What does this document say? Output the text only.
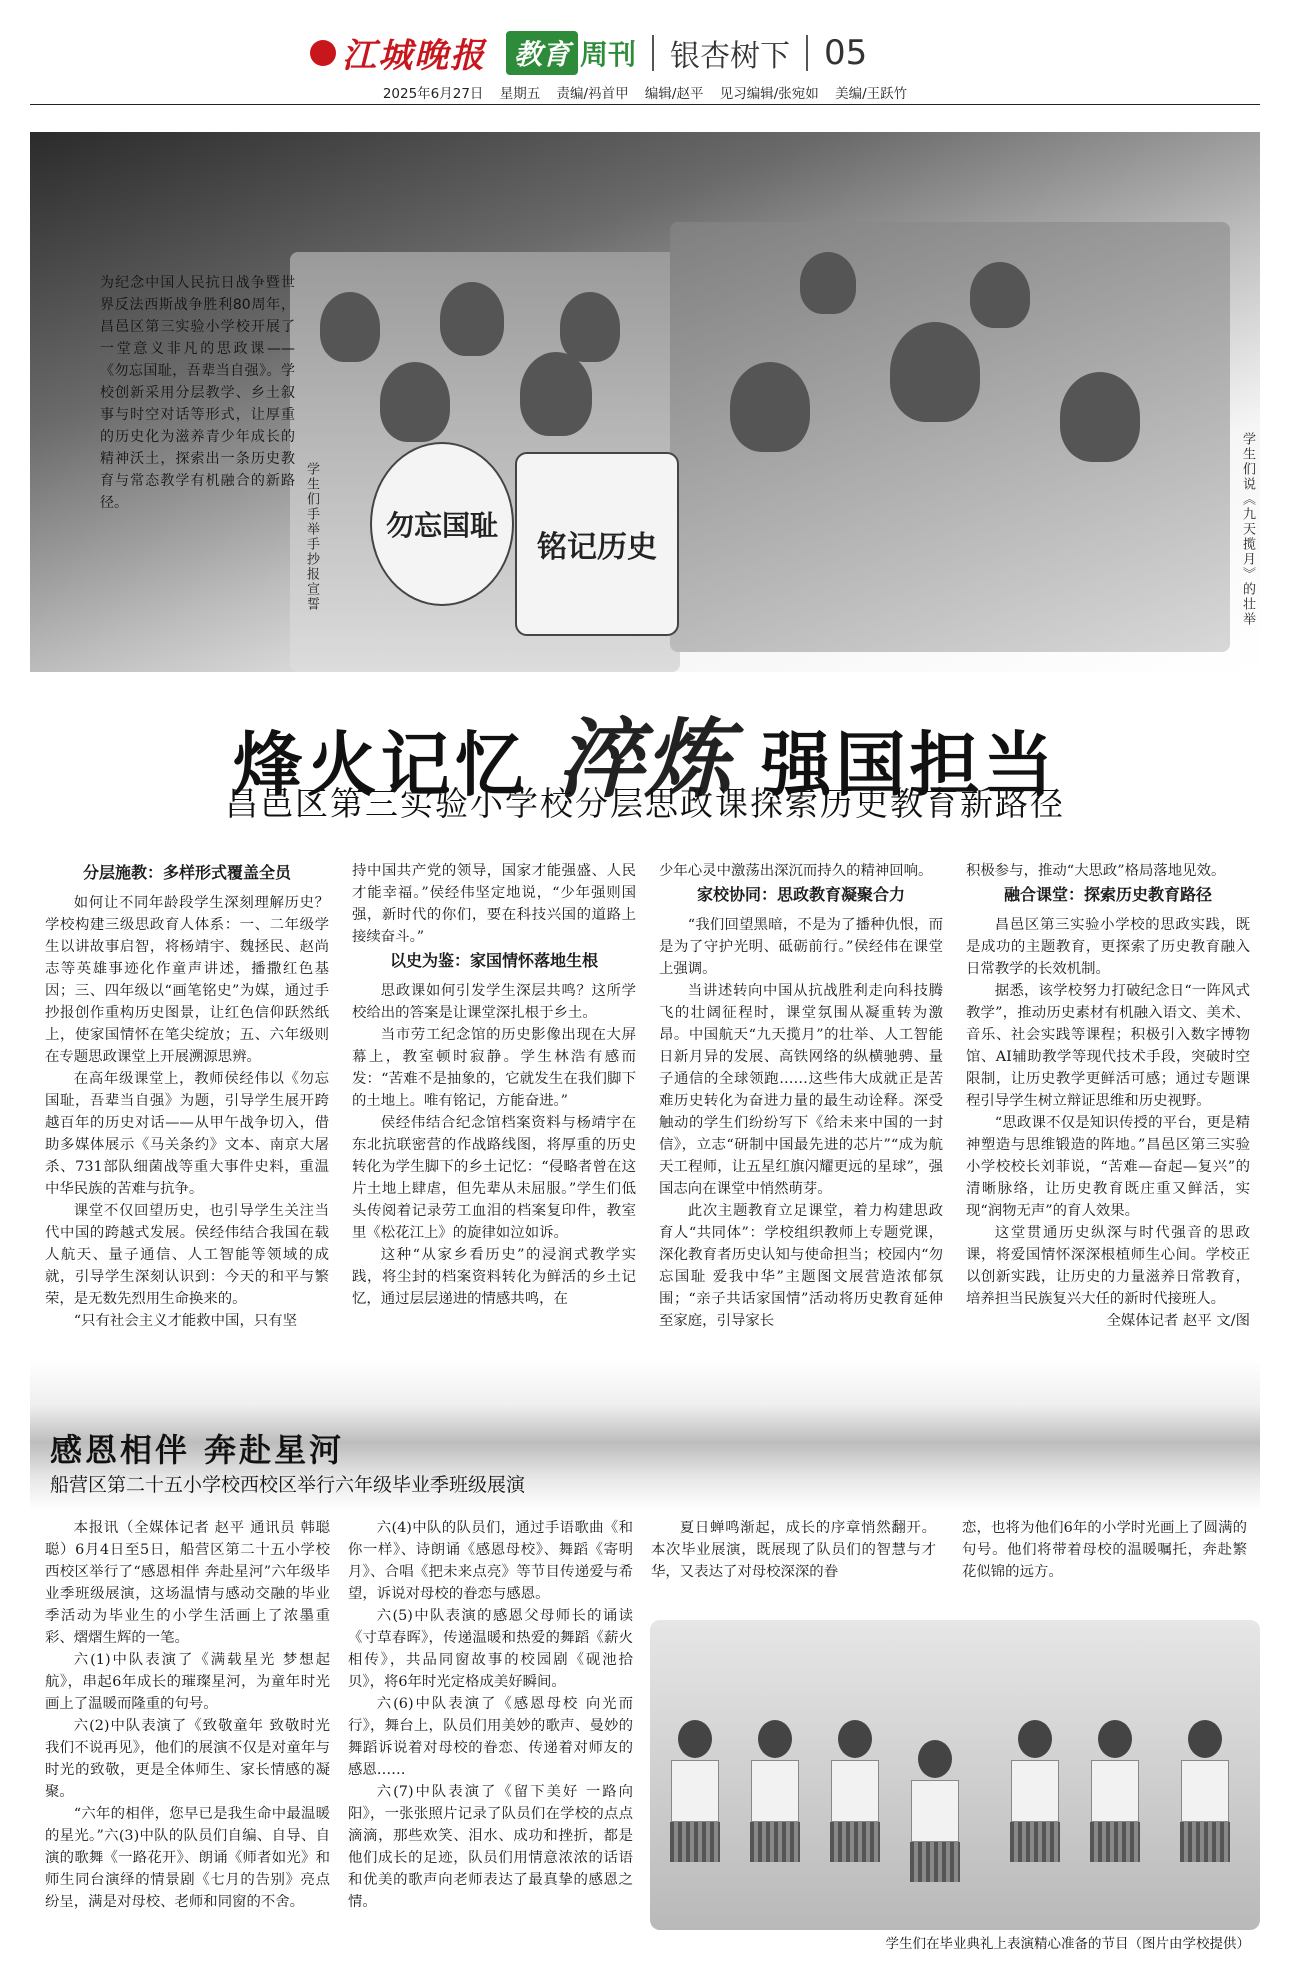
江城晚报 教育 周刊 银杏树下 05
2025年6月27日 星期五 责编/祃首甲 编辑/赵平 见习编辑/张宛如 美编/王跃竹
勿忘国耻
铭记历史
为纪念中国人民抗日战争暨世界反法西斯战争胜利80周年，昌邑区第三实验小学校开展了一堂意义非凡的思政课——《勿忘国耻，吾辈当自强》。学校创新采用分层教学、乡土叙事与时空对话等形式，让厚重的历史化为滋养青少年成长的精神沃土，探索出一条历史教育与常态教学有机融合的新路径。	学生们手举手抄报宣誓	学生们说《九天揽月》的壮举
烽火记忆 淬炼 强国担当
昌邑区第三实验小学校分层思政课探索历史教育新路径
分层施教：多样形式覆盖全员

如何让不同年龄段学生深刻理解历史？学校构建三级思政育人体系：一、二年级学生以讲故事启智，将杨靖宇、魏拯民、赵尚志等英雄事迹化作童声讲述，播撒红色基因；三、四年级以“画笔铭史”为媒，通过手抄报创作重构历史图景，让红色信仰跃然纸上，使家国情怀在笔尖绽放；五、六年级则在专题思政课堂上开展溯源思辨。

在高年级课堂上，教师侯经伟以《勿忘国耻，吾辈当自强》为题，引导学生展开跨越百年的历史对话——从甲午战争切入，借助多媒体展示《马关条约》文本、南京大屠杀、731部队细菌战等重大事件史料，重温中华民族的苦难与抗争。

课堂不仅回望历史，也引导学生关注当代中国的跨越式发展。侯经伟结合我国在载人航天、量子通信、人工智能等领域的成就，引导学生深刻认识到：今天的和平与繁荣，是无数先烈用生命换来的。

“只有社会主义才能救中国，只有坚

持中国共产党的领导，国家才能强盛、人民才能幸福。”侯经伟坚定地说，“少年强则国强，新时代的你们，要在科技兴国的道路上接续奋斗。”

以史为鉴：家国情怀落地生根

思政课如何引发学生深层共鸣？这所学校给出的答案是让课堂深扎根于乡土。

当市劳工纪念馆的历史影像出现在大屏幕上，教室顿时寂静。学生林浩有感而发：“苦难不是抽象的，它就发生在我们脚下的土地上。唯有铭记，方能奋进。”

侯经伟结合纪念馆档案资料与杨靖宇在东北抗联密营的作战路线图，将厚重的历史转化为学生脚下的乡土记忆：“侵略者曾在这片土地上肆虐，但先辈从未屈服。”学生们低头传阅着记录劳工血泪的档案复印件，教室里《松花江上》的旋律如泣如诉。

这种“从家乡看历史”的浸润式教学实践，将尘封的档案资料转化为鲜活的乡土记忆，通过层层递进的情感共鸣，在

少年心灵中激荡出深沉而持久的精神回响。

家校协同：思政教育凝聚合力

“我们回望黑暗，不是为了播种仇恨，而是为了守护光明、砥砺前行。”侯经伟在课堂上强调。

当讲述转向中国从抗战胜利走向科技腾飞的壮阔征程时，课堂氛围从凝重转为激昂。中国航天“九天揽月”的壮举、人工智能日新月异的发展、高铁网络的纵横驰骋、量子通信的全球领跑……这些伟大成就正是苦难历史转化为奋进力量的最生动诠释。深受触动的学生们纷纷写下《给未来中国的一封信》，立志“研制中国最先进的芯片”“成为航天工程师，让五星红旗闪耀更远的星球”，强国志向在课堂中悄然萌芽。

此次主题教育立足课堂，着力构建思政育人“共同体”：学校组织教师上专题党课，深化教育者历史认知与使命担当；校园内“勿忘国耻 爱我中华”主题图文展营造浓郁氛围；“亲子共话家国情”活动将历史教育延伸至家庭，引导家长

积极参与，推动“大思政”格局落地见效。

融合课堂：探索历史教育路径

昌邑区第三实验小学校的思政实践，既是成功的主题教育，更探索了历史教育融入日常教学的长效机制。

据悉，该学校努力打破纪念日“一阵风式教学”，推动历史素材有机融入语文、美术、音乐、社会实践等课程；积极引入数字博物馆、AI辅助教学等现代技术手段，突破时空限制，让历史教学更鲜活可感；通过专题课程引导学生树立辩证思维和历史视野。

“思政课不仅是知识传授的平台，更是精神塑造与思维锻造的阵地。”昌邑区第三实验小学校校长刘菲说，“苦难—奋起—复兴”的清晰脉络，让历史教育既庄重又鲜活，实现“润物无声”的育人效果。

这堂贯通历史纵深与时代强音的思政课，将爱国情怀深深根植师生心间。学校正以创新实践，让历史的力量滋养日常教育，培养担当民族复兴大任的新时代接班人。

全媒体记者 赵平 文/图

感恩相伴 奔赴星河
船营区第二十五小学校西校区举行六年级毕业季班级展演

本报讯（全媒体记者 赵平 通讯员 韩聪聪）6月4日至5日，船营区第二十五小学校西校区举行了“感恩相伴 奔赴星河”六年级毕业季班级展演，这场温情与感动交融的毕业季活动为毕业生的小学生活画上了浓墨重彩、熠熠生辉的一笔。

六(1)中队表演了《满载星光 梦想起航》，串起6年成长的璀璨星河，为童年时光画上了温暖而隆重的句号。

六(2)中队表演了《致敬童年 致敬时光 我们不说再见》，他们的展演不仅是对童年与时光的致敬，更是全体师生、家长情感的凝聚。

“六年的相伴，您早已是我生命中最温暖的星光。”六(3)中队的队员们自编、自导、自演的歌舞《一路花开》、朗诵《师者如光》和师生同台演绎的情景剧《七月的告别》亮点纷呈，满是对母校、老师和同窗的不舍。

六(4)中队的队员们，通过手语歌曲《和你一样》、诗朗诵《感恩母校》、舞蹈《寄明月》、合唱《把未来点亮》等节目传递爱与希望，诉说对母校的眷恋与感恩。

六(5)中队表演的感恩父母师长的诵读《寸草春晖》，传递温暖和热爱的舞蹈《薪火相传》，共品同窗故事的校园剧《砚池拾贝》，将6年时光定格成美好瞬间。

六(6)中队表演了《感恩母校 向光而行》，舞台上，队员们用美妙的歌声、曼妙的舞蹈诉说着对母校的眷恋、传递着对师友的感恩……

六(7)中队表演了《留下美好 一路向阳》，一张张照片记录了队员们在学校的点点滴滴，那些欢笑、泪水、成功和挫折，都是他们成长的足迹，队员们用情意浓浓的话语和优美的歌声向老师表达了最真挚的感恩之情。

夏日蝉鸣渐起，成长的序章悄然翻开。本次毕业展演，既展现了队员们的智慧与才华，又表达了对母校深深的眷

恋，也将为他们6年的小学时光画上了圆满的句号。他们将带着母校的温暖嘱托，奔赴繁花似锦的远方。

学生们在毕业典礼上表演精心准备的节目（图片由学校提供）
